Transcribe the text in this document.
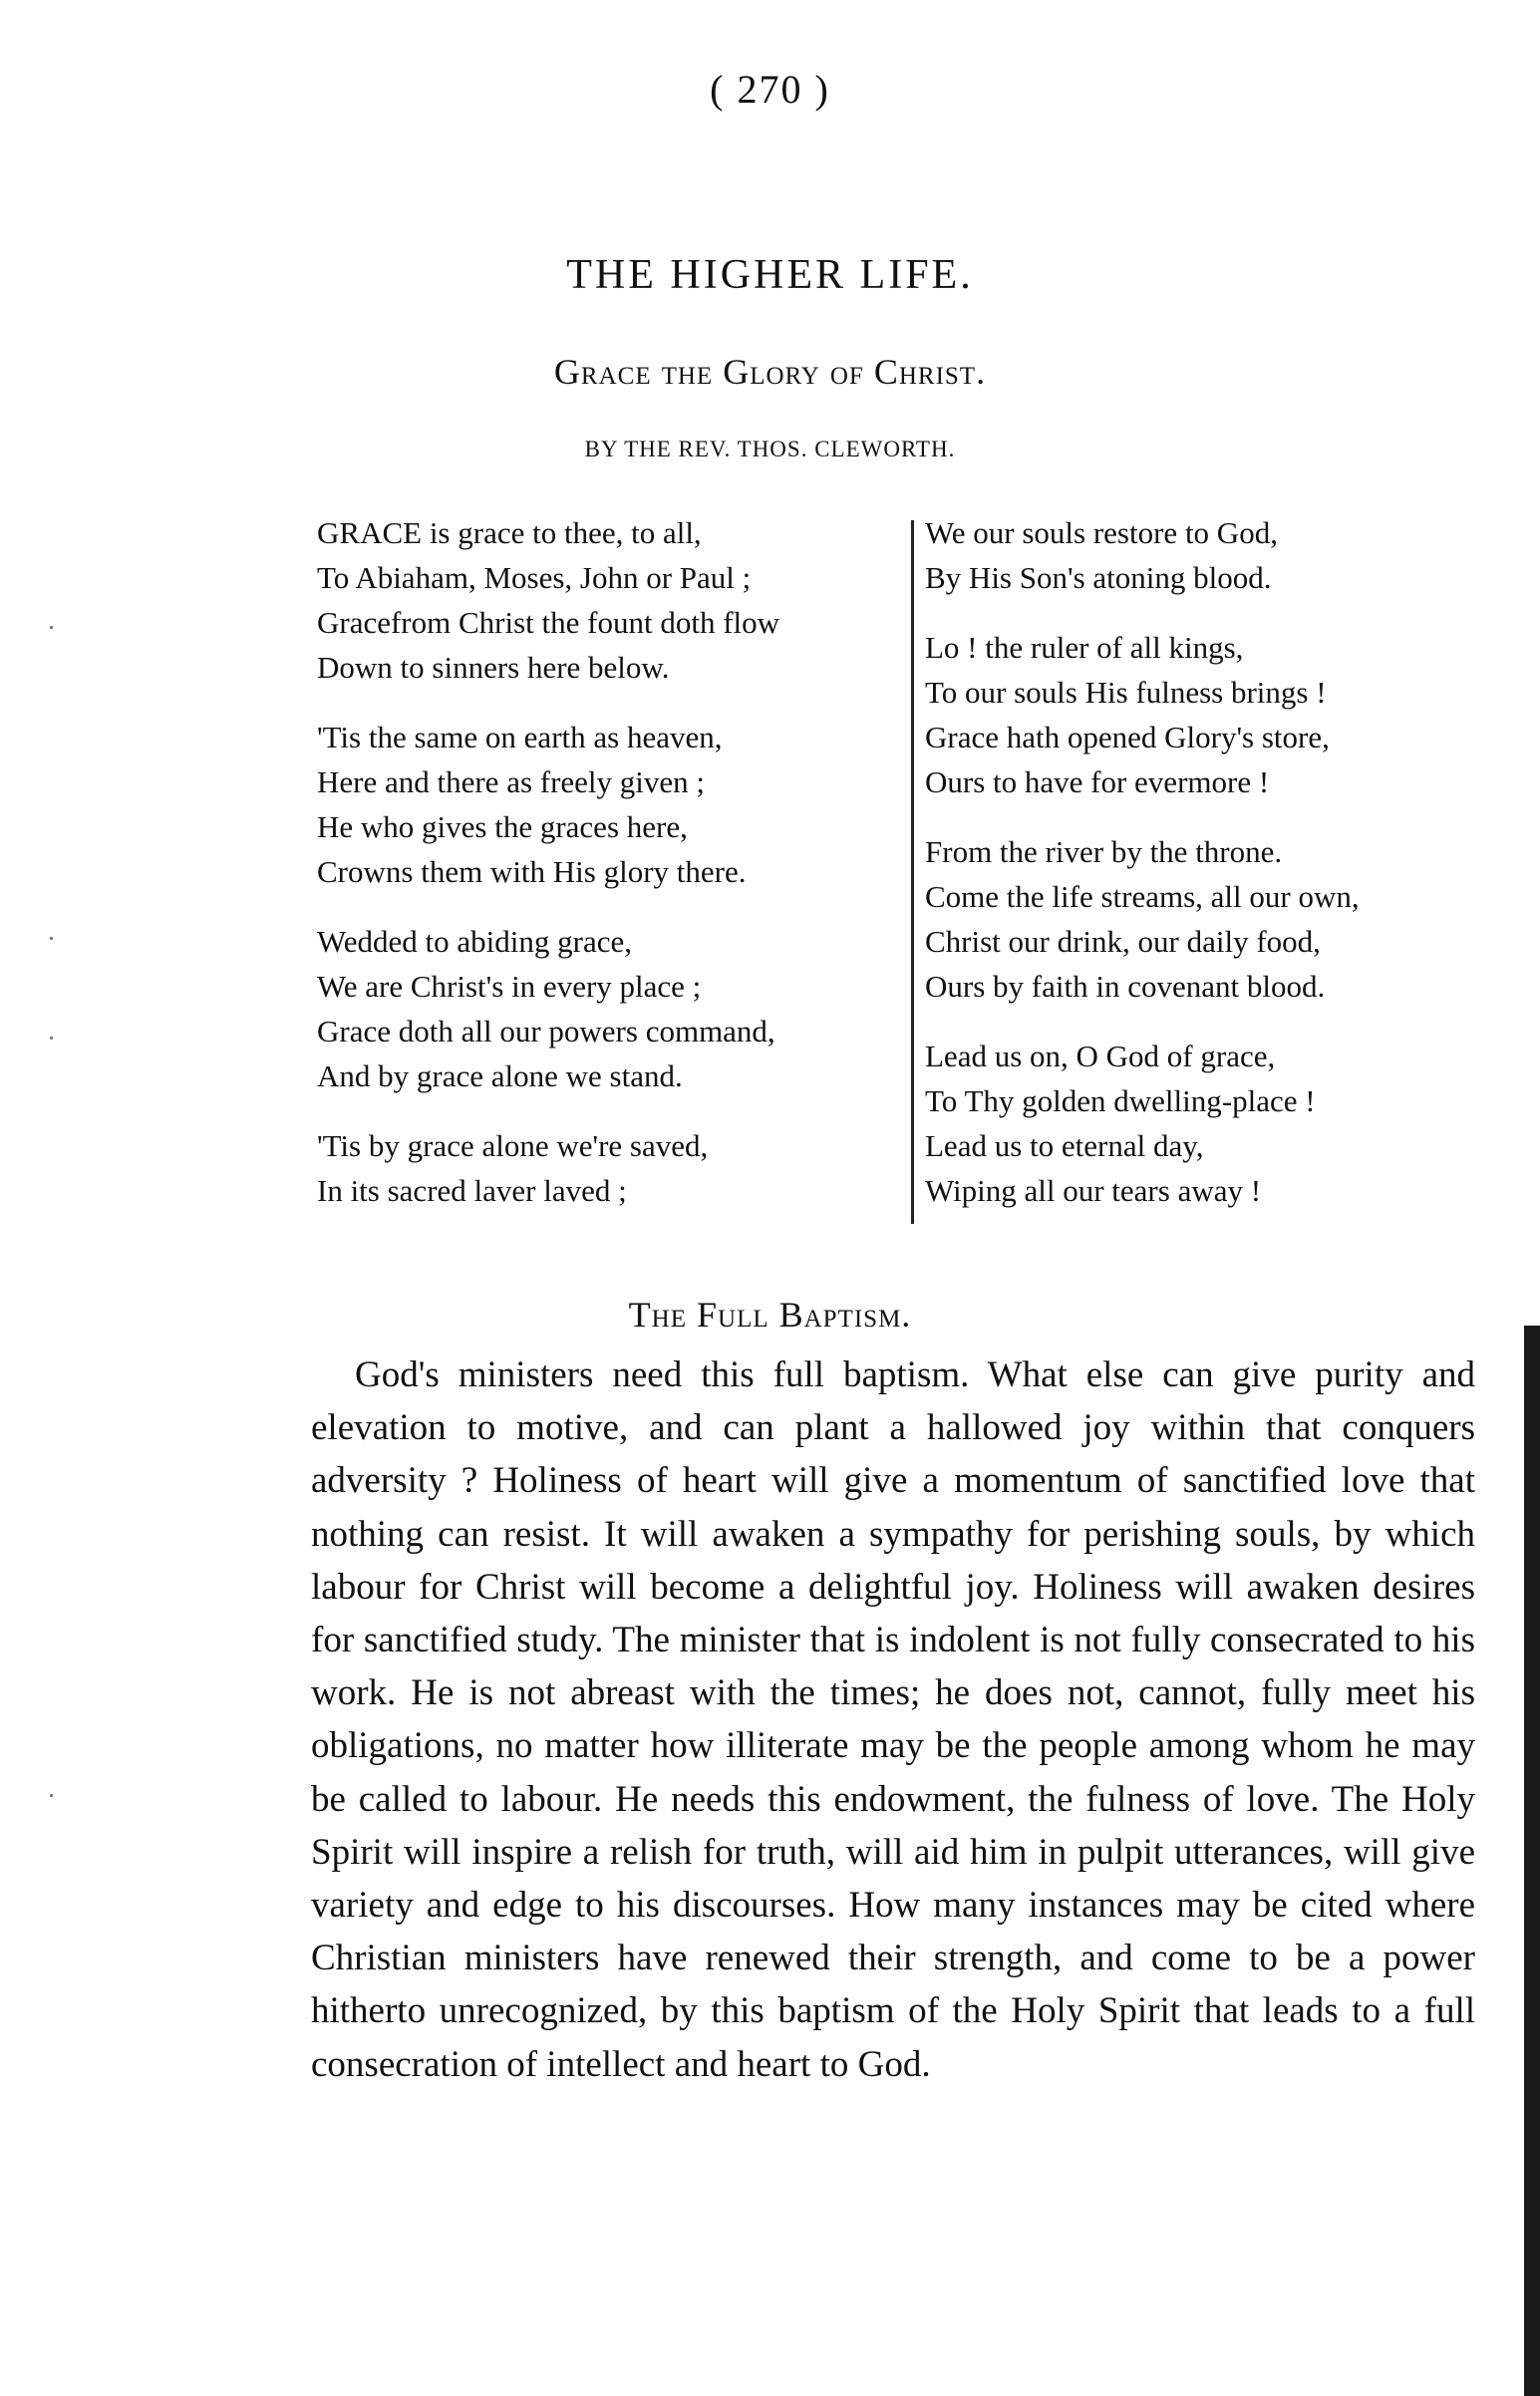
( 270 )
THE HIGHER LIFE.
Grace the Glory of Christ.
BY THE REV. THOS. CLEWORTH.
GRACE is grace to thee, to all,
To Abiaham, Moses, John or Paul ;
Gracefrom Christ the fount doth flow
Down to sinners here below.
'Tis the same on earth as heaven,
Here and there as freely given ;
He who gives the graces here,
Crowns them with His glory there.
Wedded to abiding grace,
We are Christ's in every place ;
Grace doth all our powers command,
And by grace alone we stand.
'Tis by grace alone we're saved,
In its sacred laver laved ;
We our souls restore to God,
By His Son's atoning blood.
Lo ! the ruler of all kings,
To our souls His fulness brings !
Grace hath opened Glory's store,
Ours to have for evermore !
From the river by the throne.
Come the life streams, all our own,
Christ our drink, our daily food,
Ours by faith in covenant blood.
Lead us on, O God of grace,
To Thy golden dwelling-place !
Lead us to eternal day,
Wiping all our tears away !
The Full Baptism.

God's ministers need this full baptism. What else can give purity and elevation to motive, and can plant a hallowed joy within that conquers adversity ? Holiness of heart will give a momentum of sanctified love that nothing can resist. It will awaken a sympathy for perishing souls, by which labour for Christ will become a delightful joy. Holiness will awaken desires for sanctified study. The minister that is indolent is not fully consecrated to his work. He is not abreast with the times; he does not, cannot, fully meet his obligations, no matter how illiterate may be the people among whom he may be called to labour. He needs this endowment, the fulness of love. The Holy Spirit will inspire a relish for truth, will aid him in pulpit utterances, will give variety and edge to his discourses. How many instances may be cited where Christian ministers have renewed their strength, and come to be a power hitherto unrecognized, by this baptism of the Holy Spirit that leads to a full consecration of intellect and heart to God.
